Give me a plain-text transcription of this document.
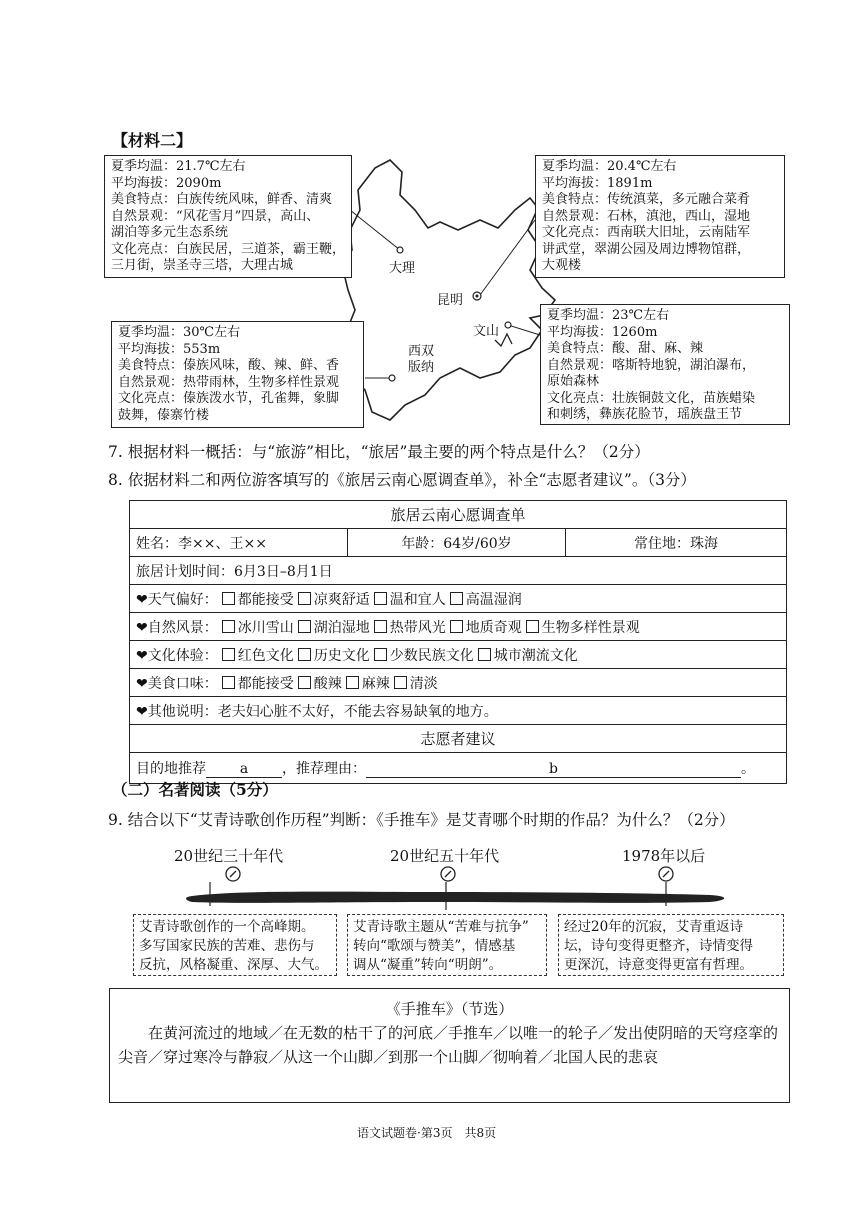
【材料二】
大理
昆明
文山
西双
版纳
夏季均温：21.7℃左右
平均海拔：2090m
美食特点：白族传统风味，鲜香、清爽
自然景观：“风花雪月”四景，高山、
湖泊等多元生态系统
文化亮点：白族民居，三道茶，霸王鞭，
三月街，崇圣寺三塔，大理古城
夏季均温：20.4℃左右
平均海拔：1891m
美食特点：传统滇菜，多元融合菜肴
自然景观：石林，滇池，西山，湿地
文化亮点：西南联大旧址，云南陆军
讲武堂，翠湖公园及周边博物馆群，
大观楼
夏季均温：30℃左右
平均海拔：553m
美食特点：傣族风味，酸、辣、鲜、香
自然景观：热带雨林，生物多样性景观
文化亮点：傣族泼水节，孔雀舞，象脚
鼓舞，傣寨竹楼
夏季均温：23℃左右
平均海拔：1260m
美食特点：酸、甜、麻、辣
自然景观：喀斯特地貌，湖泊瀑布，
原始森林
文化亮点：壮族铜鼓文化，苗族蜡染
和刺绣，彝族花脸节，瑶族盘王节
7. 根据材料一概括：与“旅游”相比，“旅居”最主要的两个特点是什么？（2分）
8. 依据材料二和两位游客填写的《旅居云南心愿调查单》，补全“志愿者建议”。（3分）
旅居云南心愿调查单
姓名：李××、王××	年龄：64岁/60岁	常住地：珠海
旅居计划时间：6月3日–8月1日
❤天气偏好： 都能接受 凉爽舒适 温和宜人 高温湿润
❤自然风景： 冰川雪山 湖泊湿地 热带风光 地质奇观 生物多样性景观
❤文化体验： 红色文化 历史文化 少数民族文化 城市潮流文化
❤美食口味： 都能接受 酸辣 麻辣 清淡
❤其他说明：老夫妇心脏不太好，不能去容易缺氧的地方。
志愿者建议
目的地推荐 a ，推荐理由：	b	。
（二）名著阅读（5分）
9. 结合以下“艾青诗歌创作历程”判断：《手推车》是艾青哪个时期的作品？为什么？（2分）
20世纪三十年代	20世纪五十年代	1978年以后
艾青诗歌创作的一个高峰期。
多写国家民族的苦难、悲伤与
反抗，风格凝重、深厚、大气。
艾青诗歌主题从“苦难与抗争”
转向“歌颂与赞美”，情感基
调从“凝重”转向“明朗”。
经过20年的沉寂，艾青重返诗
坛，诗句变得更整齐，诗情变得
更深沉，诗意变得更富有哲理。
《手推车》（节选）
在黄河流过的地域／在无数的枯干了的河底／手推车／以唯一的轮子／发出使阴暗的天穹痉挛的尖音／穿过寒冷与静寂／从这一个山脚／到那一个山脚／彻响着／北国人民的悲哀
语文试题卷·第3页　共8页
